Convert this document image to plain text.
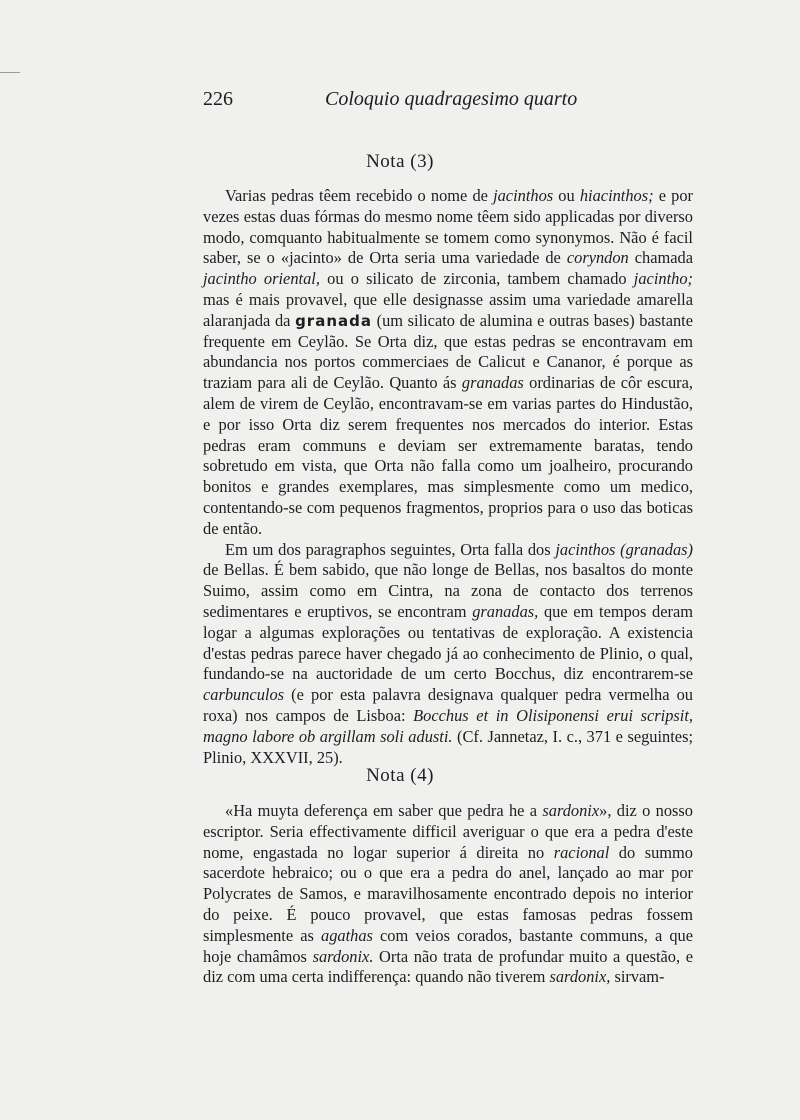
226	Coloquio quadragesimo quarto
Nota (3)

Varias pedras têem recebido o nome de jacinthos ou hiacinthos; e por vezes estas duas fórmas do mesmo nome têem sido applicadas por diverso modo, comquanto habitualmente se tomem como synonymos. Não é facil saber, se o «jacinto» de Orta seria uma variedade de coryndon chamada jacintho oriental, ou o silicato de zirconia, tambem chamado jacintho; mas é mais provavel, que elle designasse assim uma variedade amarella alaranjada da granada (um silicato de alumina e outras bases) bastante frequente em Ceylão. Se Orta diz, que estas pedras se encontravam em abundancia nos portos commerciaes de Calicut e Cananor, é porque as traziam para ali de Ceylão. Quanto ás granadas ordinarias de côr escura, alem de virem de Ceylão, encontravam-se em varias partes do Hindustão, e por isso Orta diz serem frequentes nos mercados do interior. Estas pedras eram communs e deviam ser extremamente baratas, tendo sobretudo em vista, que Orta não falla como um joalheiro, procurando bonitos e grandes exemplares, mas simplesmente como um medico, contentando-se com pequenos fragmentos, proprios para o uso das boticas de então.

Em um dos paragraphos seguintes, Orta falla dos jacinthos (granadas) de Bellas. É bem sabido, que não longe de Bellas, nos basaltos do monte Suimo, assim como em Cintra, na zona de contacto dos terrenos sedimentares e eruptivos, se encontram granadas, que em tempos deram logar a algumas explorações ou tentativas de exploração. A existencia d'estas pedras parece haver chegado já ao conhecimento de Plinio, o qual, fundando-se na auctoridade de um certo Bocchus, diz encontrarem-se carbunculos (e por esta palavra designava qualquer pedra vermelha ou roxa) nos campos de Lisboa: Bocchus et in Olisiponensi erui scripsit, magno labore ob argillam soli adusti. (Cf. Jannetaz, I. c., 371 e seguintes; Plinio, XXXVII, 25).

Nota (4)

«Ha muyta deferença em saber que pedra he a sardonix», diz o nosso escriptor. Seria effectivamente difficil averiguar o que era a pedra d'este nome, engastada no logar superior á direita no racional do summo sacerdote hebraico; ou o que era a pedra do anel, lançado ao mar por Polycrates de Samos, e maravilhosamente encontrado depois no interior do peixe. É pouco provavel, que estas famosas pedras fossem simplesmente as agathas com veios corados, bastante communs, a que hoje chamâmos sardonix. Orta não trata de profundar muito a questão, e diz com uma certa indifferença: quando não tiverem sardonix, sirvam-
